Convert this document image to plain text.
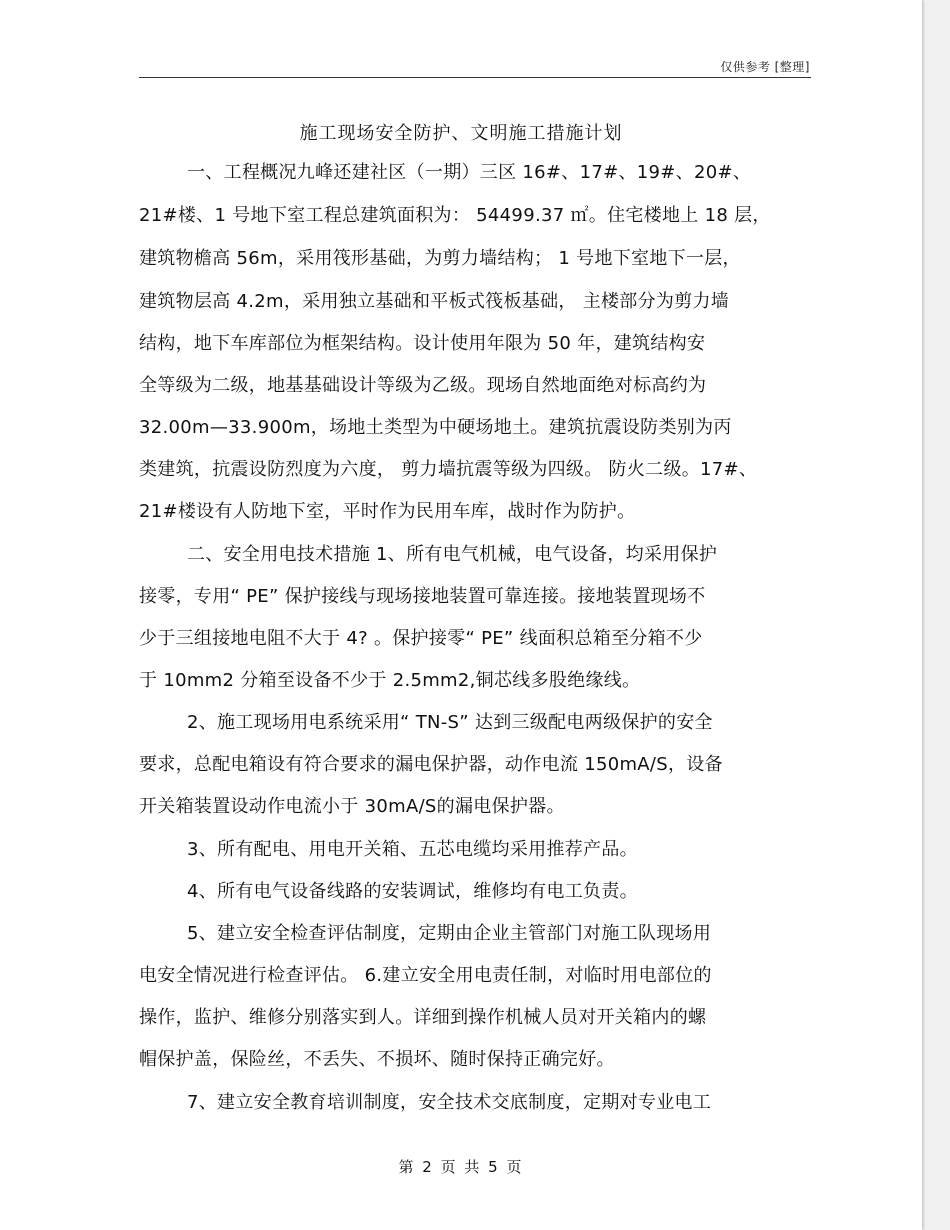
仅供参考 [整理]
施工现场安全防护、文明施工措施计划
一、工程概况九峰还建社区（一期）三区 16#、17#、19#、20#、
21#楼、1 号地下室工程总建筑面积为： 54499.37 ㎡。住宅楼地上 18 层，
建筑物檐高 56m，采用筏形基础，为剪力墙结构； 1 号地下室地下一层，
建筑物层高 4.2m，采用独立基础和平板式筏板基础， 主楼部分为剪力墙
结构，地下车库部位为框架结构。设计使用年限为 50 年，建筑结构安
全等级为二级，地基基础设计等级为乙级。现场自然地面绝对标高约为
32.00m—33.900m，场地土类型为中硬场地土。建筑抗震设防类别为丙
类建筑，抗震设防烈度为六度， 剪力墙抗震等级为四级。 防火二级。17#、
21#楼设有人防地下室，平时作为民用车库，战时作为防护。
二、安全用电技术措施 1、所有电气机械，电气设备，均采用保护
接零，专用“ PE” 保护接线与现场接地装置可靠连接。接地装置现场不
少于三组接地电阻不大于 4? 。保护接零“ PE” 线面积总箱至分箱不少
于 10mm2 分箱至设备不少于 2.5mm2,铜芯线多股绝缘线。
2、施工现场用电系统采用“ TN-S” 达到三级配电两级保护的安全
要求，总配电箱设有符合要求的漏电保护器，动作电流 150mA/S，设备
开关箱装置设动作电流小于 30mA/S的漏电保护器。
3、所有配电、用电开关箱、五芯电缆均采用推荐产品。
4、所有电气设备线路的安装调试，维修均有电工负责。
5、建立安全检查评估制度，定期由企业主管部门对施工队现场用
电安全情况进行检查评估。 6.建立安全用电责任制，对临时用电部位的
操作，监护、维修分别落实到人。详细到操作机械人员对开关箱内的螺
帽保护盖，保险丝，不丢失、不损坏、随时保持正确完好。
7、建立安全教育培训制度，安全技术交底制度，定期对专业电工
第 2 页 共 5 页
